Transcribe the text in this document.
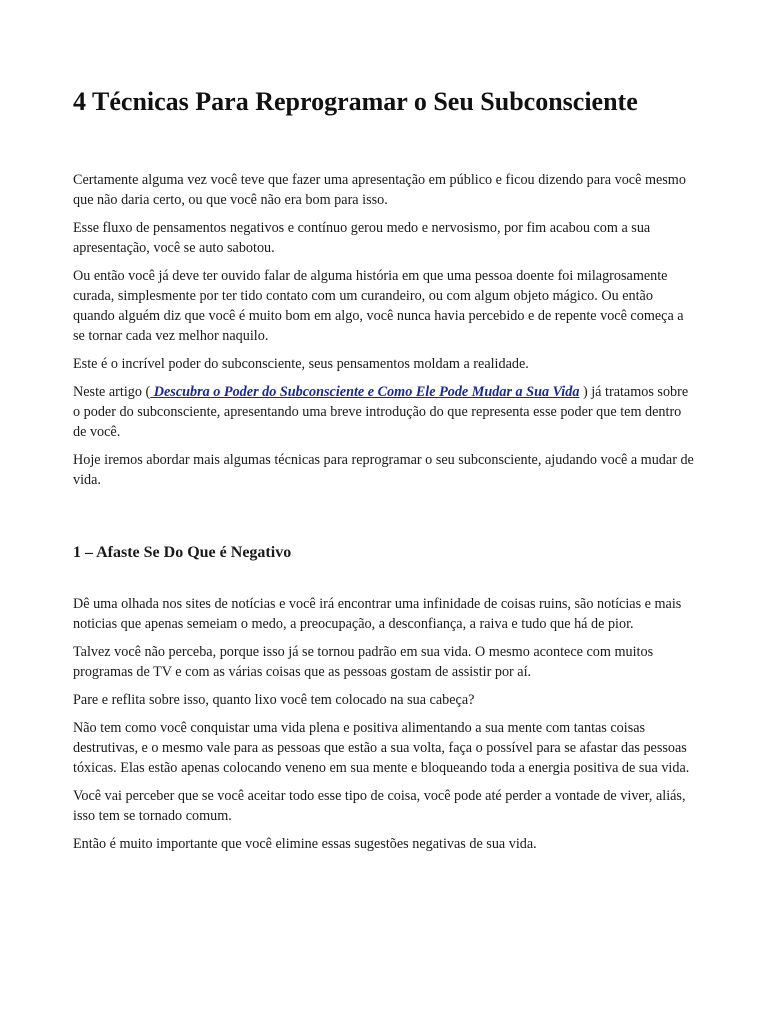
4 Técnicas Para Reprogramar o Seu Subconsciente

Certamente alguma vez você teve que fazer uma apresentação em público e ficou dizendo para você mesmo que não daria certo, ou que você não era bom para isso.

Esse fluxo de pensamentos negativos e contínuo gerou medo e nervosismo, por fim acabou com a sua apresentação, você se auto sabotou.

Ou então você já deve ter ouvido falar de alguma história em que uma pessoa doente foi milagrosamente curada, simplesmente por ter tido contato com um curandeiro, ou com algum objeto mágico. Ou então quando alguém diz que você é muito bom em algo, você nunca havia percebido e de repente você começa a se tornar cada vez melhor naquilo.

Este é o incrível poder do subconsciente, seus pensamentos moldam a realidade.

Neste artigo ( Descubra o Poder do Subconsciente e Como Ele Pode Mudar a Sua Vida ) já tratamos sobre o poder do subconsciente, apresentando uma breve introdução do que representa esse poder que tem dentro de você.

Hoje iremos abordar mais algumas técnicas para reprogramar o seu subconsciente, ajudando você a mudar de vida.

1 – Afaste Se Do Que é Negativo

Dê uma olhada nos sites de notícias e você irá encontrar uma infinidade de coisas ruins, são notícias e mais noticias que apenas semeiam o medo, a preocupação, a desconfiança, a raiva e tudo que há de pior.

Talvez você não perceba, porque isso já se tornou padrão em sua vida. O mesmo acontece com muitos programas de TV e com as várias coisas que as pessoas gostam de assistir por aí.

Pare e reflita sobre isso, quanto lixo você tem colocado na sua cabeça?

Não tem como você conquistar uma vida plena e positiva alimentando a sua mente com tantas coisas destrutivas, e o mesmo vale para as pessoas que estão a sua volta, faça o possível para se afastar das pessoas tóxicas. Elas estão apenas colocando veneno em sua mente e bloqueando toda a energia positiva de sua vida.

Você vai perceber que se você aceitar todo esse tipo de coisa, você pode até perder a vontade de viver, aliás, isso tem se tornado comum.

Então é muito importante que você elimine essas sugestões negativas de sua vida.
